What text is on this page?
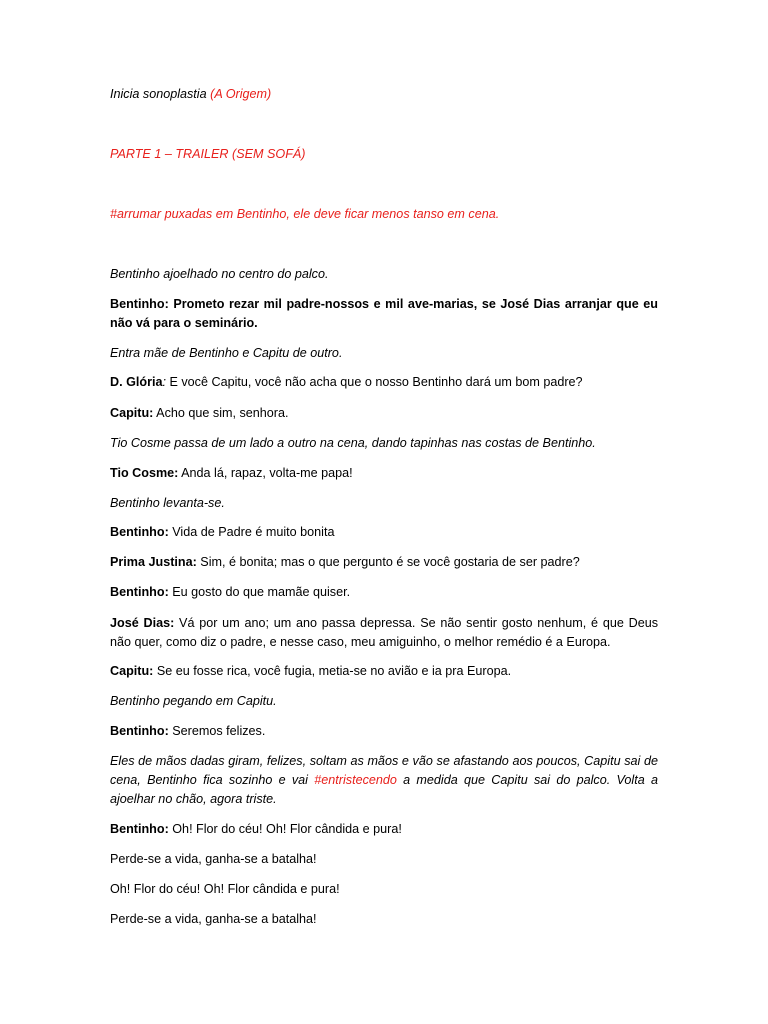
Inicia sonoplastia (A Origem)

PARTE 1 – TRAILER (SEM SOFÁ)

#arrumar puxadas em Bentinho, ele deve ficar menos tanso em cena.

Bentinho ajoelhado no centro do palco.

Bentinho: Prometo rezar mil padre-nossos e mil ave-marias, se José Dias arranjar que eu não vá para o seminário.

Entra mãe de Bentinho e Capitu de outro.

D. Glória: E você Capitu, você não acha que o nosso Bentinho dará um bom padre?

Capitu: Acho que sim, senhora.

Tio Cosme passa de um lado a outro na cena, dando tapinhas nas costas de Bentinho.

Tio Cosme: Anda lá, rapaz, volta-me papa!

Bentinho levanta-se.

Bentinho: Vida de Padre é muito bonita

Prima Justina: Sim, é bonita; mas o que pergunto é se você gostaria de ser padre?

Bentinho: Eu gosto do que mamãe quiser.

José Dias: Vá por um ano; um ano passa depressa. Se não sentir gosto nenhum, é que Deus não quer, como diz o padre, e nesse caso, meu amiguinho, o melhor remédio é a Europa.

Capitu: Se eu fosse rica, você fugia, metia-se no avião e ia pra Europa.

Bentinho pegando em Capitu.

Bentinho: Seremos felizes.

Eles de mãos dadas giram, felizes, soltam as mãos e vão se afastando aos poucos, Capitu sai de cena, Bentinho fica sozinho e vai #entristecendo a medida que Capitu sai do palco. Volta a ajoelhar no chão, agora triste.

Bentinho: Oh! Flor do céu! Oh! Flor cândida e pura!

Perde-se a vida, ganha-se a batalha!

Oh! Flor do céu! Oh! Flor cândida e pura!

Perde-se a vida, ganha-se a batalha!
